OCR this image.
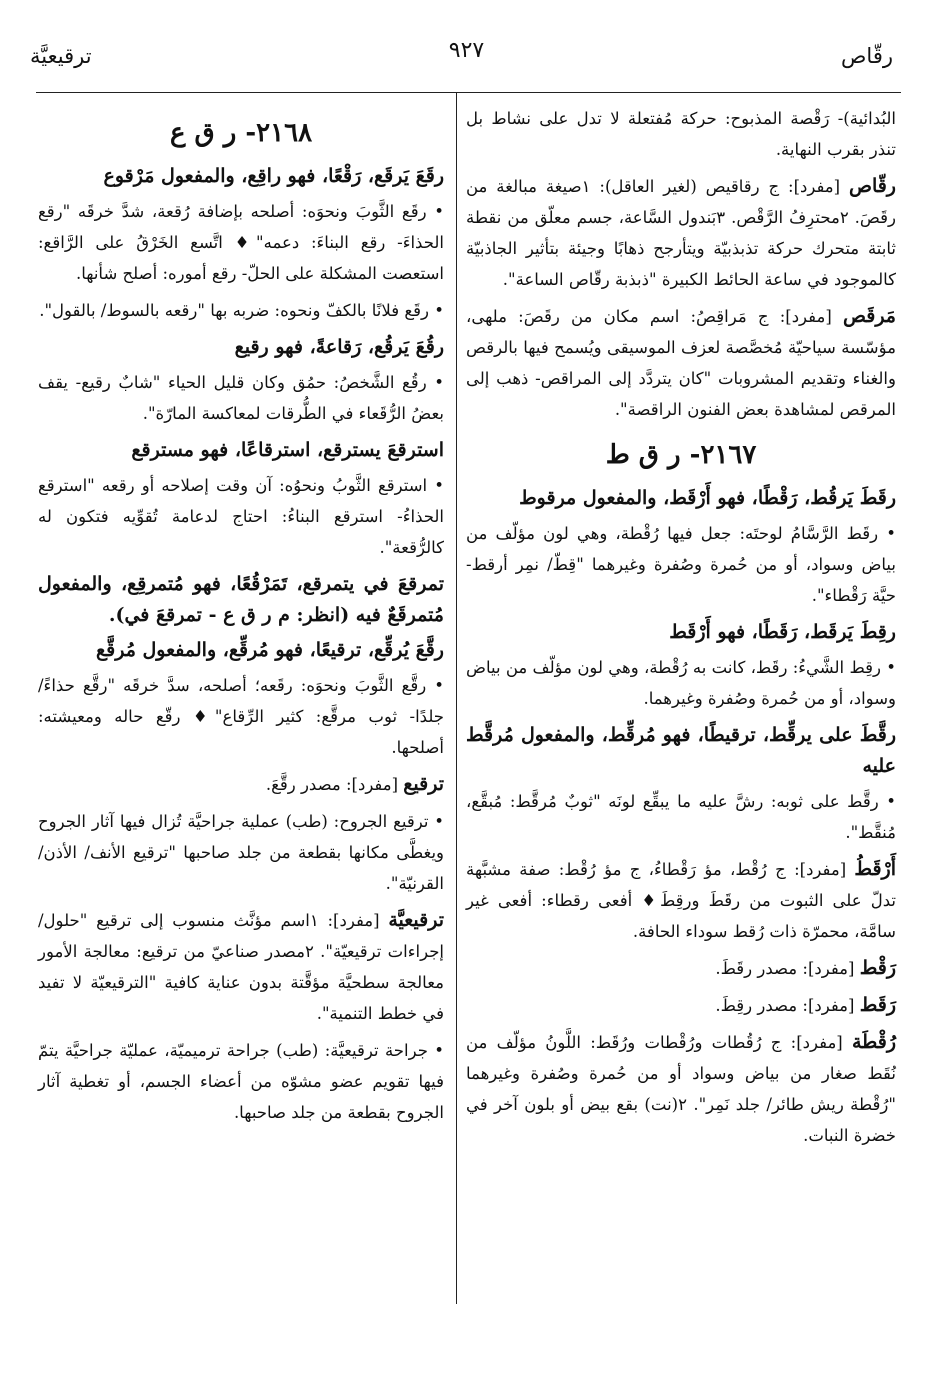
رقّاص
٩٢٧
ترقيعيَّة

البُدائية)- رَقْصة المذبوح: حركة مُفتعلة لا تدل على نشاط بل تنذر بقرب النهاية.

رقّاص [مفرد]: ج رقاقيص (لغير العاقل): ١صيغة مبالغة من رقَصَ. ٢محترِفُ الرَّقْص. ٣بَندول السَّاعة، جسم معلّق من نقطة ثابتة متحرك حركة تذبذبيّة ويتأرجح ذهابًا وجيئة بتأثير الجاذبيّة كالموجود في ساعة الحائط الكبيرة "ذبذبة رقّاص الساعة".

مَرقَص [مفرد]: ج مَراقِصُ: اسم مكان من رقَصَ: ملهى، مؤسّسة سياحيّة مُخصَّصة لعزف الموسيقى ويُسمح فيها بالرقص والغناء وتقديم المشروبات "كان يتردَّد إلى المراقص- ذهب إلى المرقص لمشاهدة بعض الفنون الراقصة".

٢١٦٧- ر ق ط

رقَطَ يَرقُط، رَقْطًا، فهو أَرْقَط، والمفعول مرقوط

• رقَط الرَّسَّامُ لوحتَه: جعل فيها رُقْطة، وهي لون مؤلّف من بياض وسواد، أو من حُمرة وصُفرة وغيرهما "قِطّ/ نمِر أرقط- حيَّة رَقْطاء".

رقِطَ يَرقَط، رَقَطًا، فهو أَرْقَط

• رقِط الشَّيءُ: رقَط، كانت به رُقْطة، وهي لون مؤلّف من بياض وسواد، أو من حُمرة وصُفرة وغيرهما.

رقَّطَ على يرقِّط، ترقيطًا، فهو مُرقِّط، والمفعول مُرقَّط عليه

• رقَّط على ثوبه: رشَّ عليه ما يبقِّع لونَه "ثوبٌ مُرقَّط: مُبقَّع، مُنقَّط".

أَرْقَطُ [مفرد]: ج رُقْط، مؤ رَقْطاءُ، ج مؤ رُقْط: صفة مشبَّهة تدلّ على الثبوت من رقَطَ ورقِطَ♦ أفعى رقطاء: أفعى غير سامَّة، محمرّة ذات رُقط سوداء الحافة.

رَقْط [مفرد]: مصدر رقَطَ.

رَقَط [مفرد]: مصدر رقِطَ.

رُقْطَة [مفرد]: ج رُقُطات ورُقْطات ورُقَط: اللَّونُ مؤلّف من نُقَط صغار من بياض وسواد أو من حُمرة وصُفرة وغيرهما "رُقْطة ريش طائر/ جلد نَمِر". ٢(نت) بقع بيض أو بلون آخر في خضرة النبات.

٢١٦٨- ر ق ع

رقَعَ يَرقَع، رَقْعًا، فهو راقِع، والمفعول مَرْقوع

• رقَع الثَّوبَ ونحوَه: أصلحه بإضافة رُقعة، شدَّ خرقَه "رقع الحذاءَ- رقع البناءَ: دعمه"♦ اتَّسع الخَرْقُ على الرَّاقع: استعصت المشكلة على الحلّ- رقع أموره: أصلح شأنها.

• رقَع فلانًا بالكفّ ونحوه: ضربه بها "رقعه بالسوط/ بالقول".

رقُعَ يَرقُع، رَقاعةً، فهو رقيع

• رقُع الشَّخصُ: حمُق وكان قليل الحياء "شابٌ رقيع- يقف بعضُ الرُّقَعاء في الطُّرقات لمعاكسة المارّة".

استرقعَ يسترقع، استرقاعًا، فهو مسترقع

• استرقع الثَّوبُ ونحوُه: آن وقت إصلاحه أو رقعه "استرقع الحذاءُ- استرقع البناءُ: احتاج لدعامة تُقوِّيه فتكون له كالرُّقعة".

تمرقعَ في يتمرقع، تَمَرْقُعًا، فهو مُتمرقِع، والمفعول مُتمرقَعٌ فيه (انظر: م ر ق ع - تمرقعَ في).

رقَّعَ يُرقِّع، ترقيعًا، فهو مُرقِّع، والمفعول مُرقَّع

• رقَّع الثَّوبَ ونحوَه: رقَعه؛ أصلحه، سدَّ خرقَه "رقَّع حذاءً/ جلدًا- ثوب مرقَّع: كثير الرِّقاع"♦ رقّع حاله ومعيشته: أصلحها.

ترقيع [مفرد]: مصدر رقَّعَ.

• ترقيع الجروح: (طب) عملية جراحيَّة تُزال فيها آثار الجروح ويغطَّى مكانها بقطعة من جلد صاحبها "ترقيع الأنف/ الأذن/ القرنيّة".

ترقيعيَّة [مفرد]: ١اسم مؤنَّث منسوب إلى ترقيع "حلول/ إجراءات ترقيعيّة". ٢مصدر صناعيّ من ترقيع: معالجة الأمور معالجة سطحيَّة مؤقَّتة بدون عناية كافية "الترقيعيّة لا تفيد في خطط التنمية".

• جراحة ترقيعيَّة: (طب) جراحة ترميميّة، عمليّة جراحيَّة يتمّ فيها تقويم عضو مشوّه من أعضاء الجسم، أو تغطية آثار الجروح بقطعة من جلد صاحبها.
